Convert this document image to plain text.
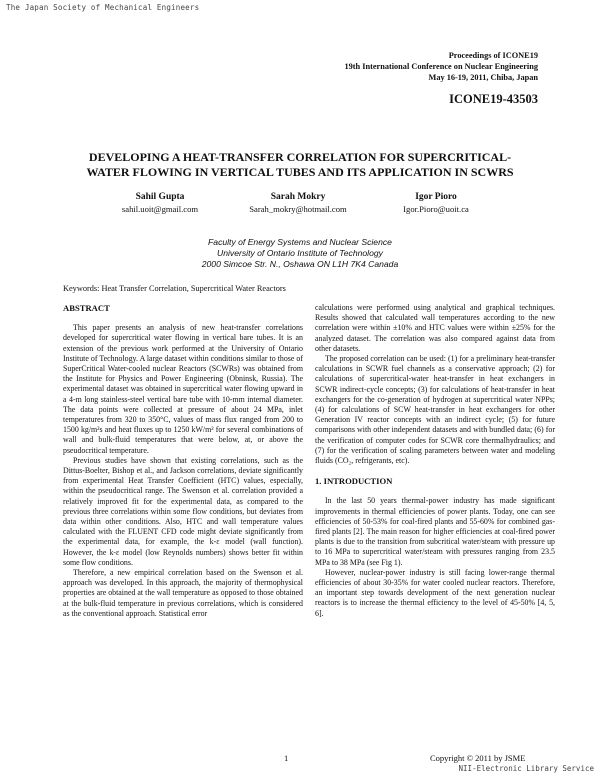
The Japan Society of Mechanical Engineers
Proceedings of ICONE19
19th International Conference on Nuclear Engineering
May 16-19, 2011, Chiba, Japan
ICONE19-43503
DEVELOPING A HEAT-TRANSFER CORRELATION FOR SUPERCRITICAL-
WATER FLOWING IN VERTICAL TUBES AND ITS APPLICATION IN SCWRS
Sahil Gupta
sahil.uoit@gmail.com
Sarah Mokry
Sarah_mokry@hotmail.com
Igor Pioro
Igor.Pioro@uoit.ca
Faculty of Energy Systems and Nuclear Science
University of Ontario Institute of Technology
2000 Simcoe Str. N., Oshawa ON L1H 7K4 Canada
Keywords: Heat Transfer Correlation, Supercritical Water Reactors
ABSTRACT

This paper presents an analysis of new heat-transfer correlations developed for supercritical water flowing in vertical bare tubes. It is an extension of the previous work performed at the University of Ontario Institute of Technology. A large dataset within conditions similar to those of SuperCritical Water-cooled nuclear Reactors (SCWRs) was obtained from the Institute for Physics and Power Engineering (Obninsk, Russia). The experimental dataset was obtained in supercritical water flowing upward in a 4-m long stainless-steel vertical bare tube with 10-mm internal diameter. The data points were collected at pressure of about 24 MPa, inlet temperatures from 320 to 350°C, values of mass flux ranged from 200 to 1500 kg/m²s and heat fluxes up to 1250 kW/m² for several combinations of wall and bulk-fluid temperatures that were below, at, or above the pseudocritical temperature.

Previous studies have shown that existing correlations, such as the Dittus-Boelter, Bishop et al., and Jackson correlations, deviate significantly from experimental Heat Transfer Coefficient (HTC) values, especially, within the pseudocritical range. The Swenson et al. correlation provided a relatively improved fit for the experimental data, as compared to the previous three correlations within some flow conditions, but deviates from data within other conditions. Also, HTC and wall temperature values calculated with the FLUENT CFD code might deviate significantly from the experimental data, for example, the k-ε model (wall function). However, the k-ε model (low Reynolds numbers) shows better fit within some flow conditions.

Therefore, a new empirical correlation based on the Swenson et al. approach was developed. In this approach, the majority of thermophysical properties are obtained at the wall temperature as opposed to those obtained at the bulk-fluid temperature in previous correlations, which is considered as the conventional approach. Statistical error

calculations were performed using analytical and graphical techniques. Results showed that calculated wall temperatures according to the new correlation were within ±10% and HTC values were within ±25% for the analyzed dataset. The correlation was also compared against data from other datasets.

The proposed correlation can be used: (1) for a preliminary heat-transfer calculations in SCWR fuel channels as a conservative approach; (2) for calculations of supercritical-water heat-transfer in heat exchangers in SCWR indirect-cycle concepts; (3) for calculations of heat-transfer in heat exchangers for the co-generation of hydrogen at supercritical water NPPs; (4) for calculations of SCW heat-transfer in heat exchangers for other Generation IV reactor concepts with an indirect cycle; (5) for future comparisons with other independent datasets and with bundled data; (6) for the verification of computer codes for SCWR core thermalhydraulics; and (7) for the verification of scaling parameters between water and modeling fluids (CO₂, refrigerants, etc).

1. INTRODUCTION

In the last 50 years thermal-power industry has made significant improvements in thermal efficiencies of power plants. Today, one can see efficiencies of 50-53% for coal-fired plants and 55-60% for combined gas-fired plants [2]. The main reason for higher efficiencies at coal-fired power plants is due to the transition from subcritical water/steam with pressure up to 16 MPa to supercritical water/steam with pressures ranging from 23.5 MPa to 38 MPa (see Fig 1).

However, nuclear-power industry is still facing lower-range thermal efficiencies of about 30-35% for water cooled nuclear reactors. Therefore, an important step towards development of the next generation nuclear reactors is to increase the thermal efficiency to the level of 45-50% [4, 5, 6].

1	Copyright © 2011 by JSME
NII-Electronic Library Service
